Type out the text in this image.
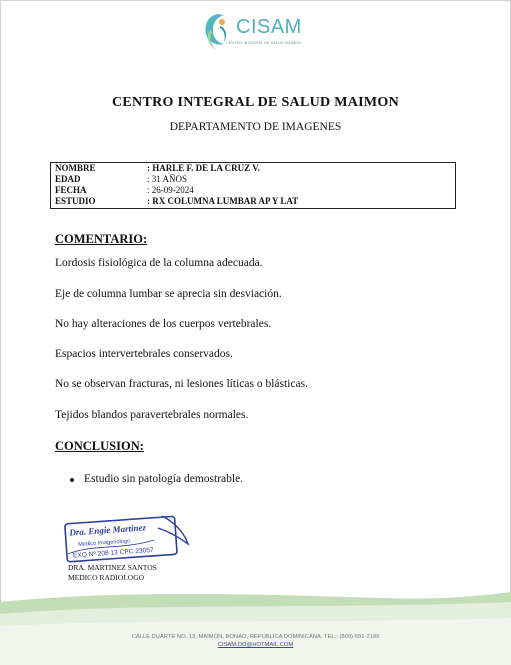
CISAM
CENTRO INTEGRAL DE SALUD MAIMON
CENTRO INTEGRAL DE SALUD MAIMON
DEPARTAMENTO DE IMAGENES
NOMBRE	: HARLE F. DE LA CRUZ V.
EDAD	: 31 AÑOS
FECHA	: 26-09-2024
ESTUDIO	: RX COLUMNA LUMBAR AP Y LAT
COMENTARIO:
Lordosis fisiológica de la columna adecuada.
Eje de columna lumbar se aprecia sin desviación.
No hay alteraciones de los cuerpos vertebrales.
Espacios intervertebrales conservados.
No se observan fracturas, ni lesiones líticas o blásticas.
Tejidos blandos paravertebrales normales.
CONCLUSION:
Estudio sin patología demostrable.
Dra. Engie Martinez
Medico Imagenologo
EXQ Nº 208 13 CPC 23057
DRA. MARTINEZ SANTOS
MEDICO RADIOLOGO
CALLE DUARTE NO. 13, MAIMÓN, BONAO, REPUBLICA DOMINICANA, TEL.: (809)-551-2186
CISAM.DO@HOTMAIL.COM
